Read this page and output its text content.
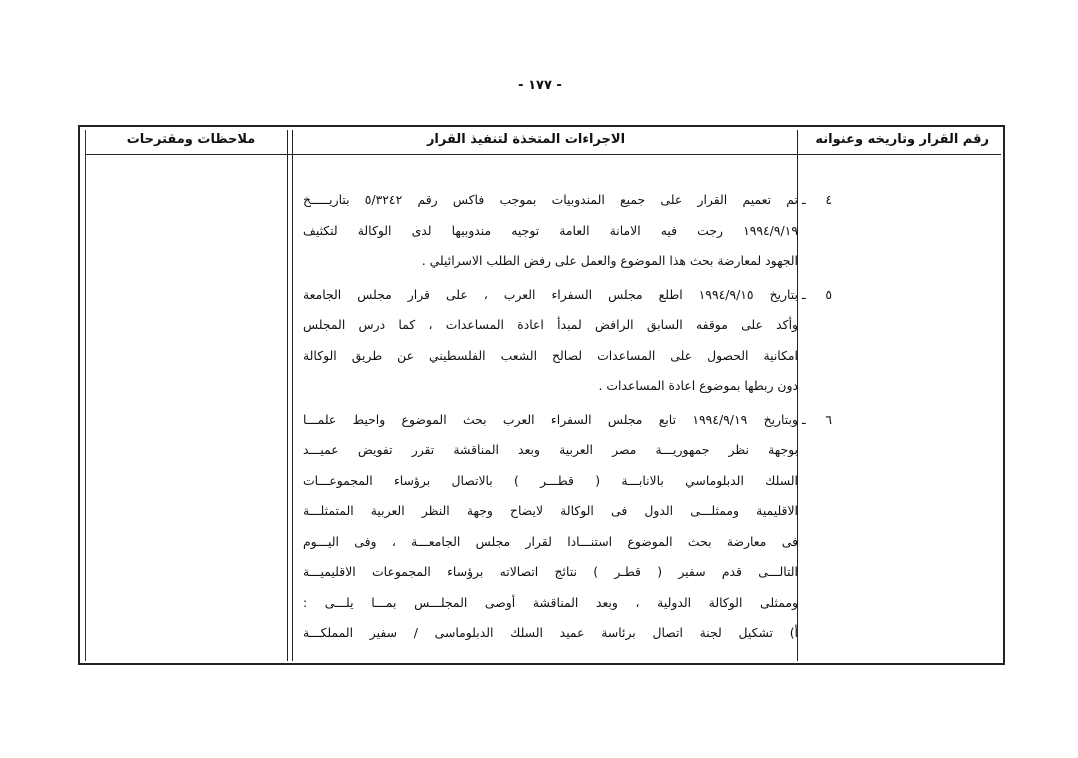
- ١٧٧ -
رقم القرار وتاريخه وعنوانه
الاجراءات المتخذة لتنفيذ القرار
ملاحظات ومقترحات
٤ ـ
تم تعميم القرار على جميع المندوبيات بموجب فاكس رقم ٥/٣٢٤٢ بتاريـــــخ
١٩٩٤/٩/١٩ رجت فيه الامانة العامة توجيه مندوبيها لدى الوكالة لتكثيف
الجهود لمعارضة بحث هذا الموضوع والعمل على رفض الطلب الاسرائيلي .
٥ ـ
بتاريخ ١٩٩٤/٩/١٥ اطلع مجلس السفراء العرب ، على قرار مجلس الجامعة
وأكد على موقفه السابق الرافض لمبدأ اعادة المساعدات ، كما درس المجلس
امكانية الحصول على المساعدات لصالح الشعب الفلسطيني عن طريق الوكالة
دون ربطها بموضوع اعادة المساعدات .
٦ ـ
وبتاريخ ١٩٩٤/٩/١٩ تابع مجلس السفراء العرب بحث الموضوع واحيط علمـــا
بوجهة نظر جمهوريـــة مصر العربية وبعد المناقشة تقرر تفويض عميـــد
السلك الدبلوماسي بالانابـــة ( قطـــر ) بالاتصال برؤساء المجموعـــات
الاقليمية وممثلـــى الدول فى الوكالة لايضاح وجهة النظر العربية المتمثلـــة
فى معارضة بحث الموضوع استنـــادا لقرار مجلس الجامعـــة ، وفى اليـــوم
التالـــى قدم سفير ( قطـر ) نتائج اتصالاته برؤساء المجموعات الاقليميـــة
وممثلى الوكالة الدولية ، وبعد المناقشة أوصى المجلـــس بمـــا يلـــى :
أ) تشكيل لجنة اتصال برئاسة عميد السلك الدبلوماسى / سفير المملكـــة
